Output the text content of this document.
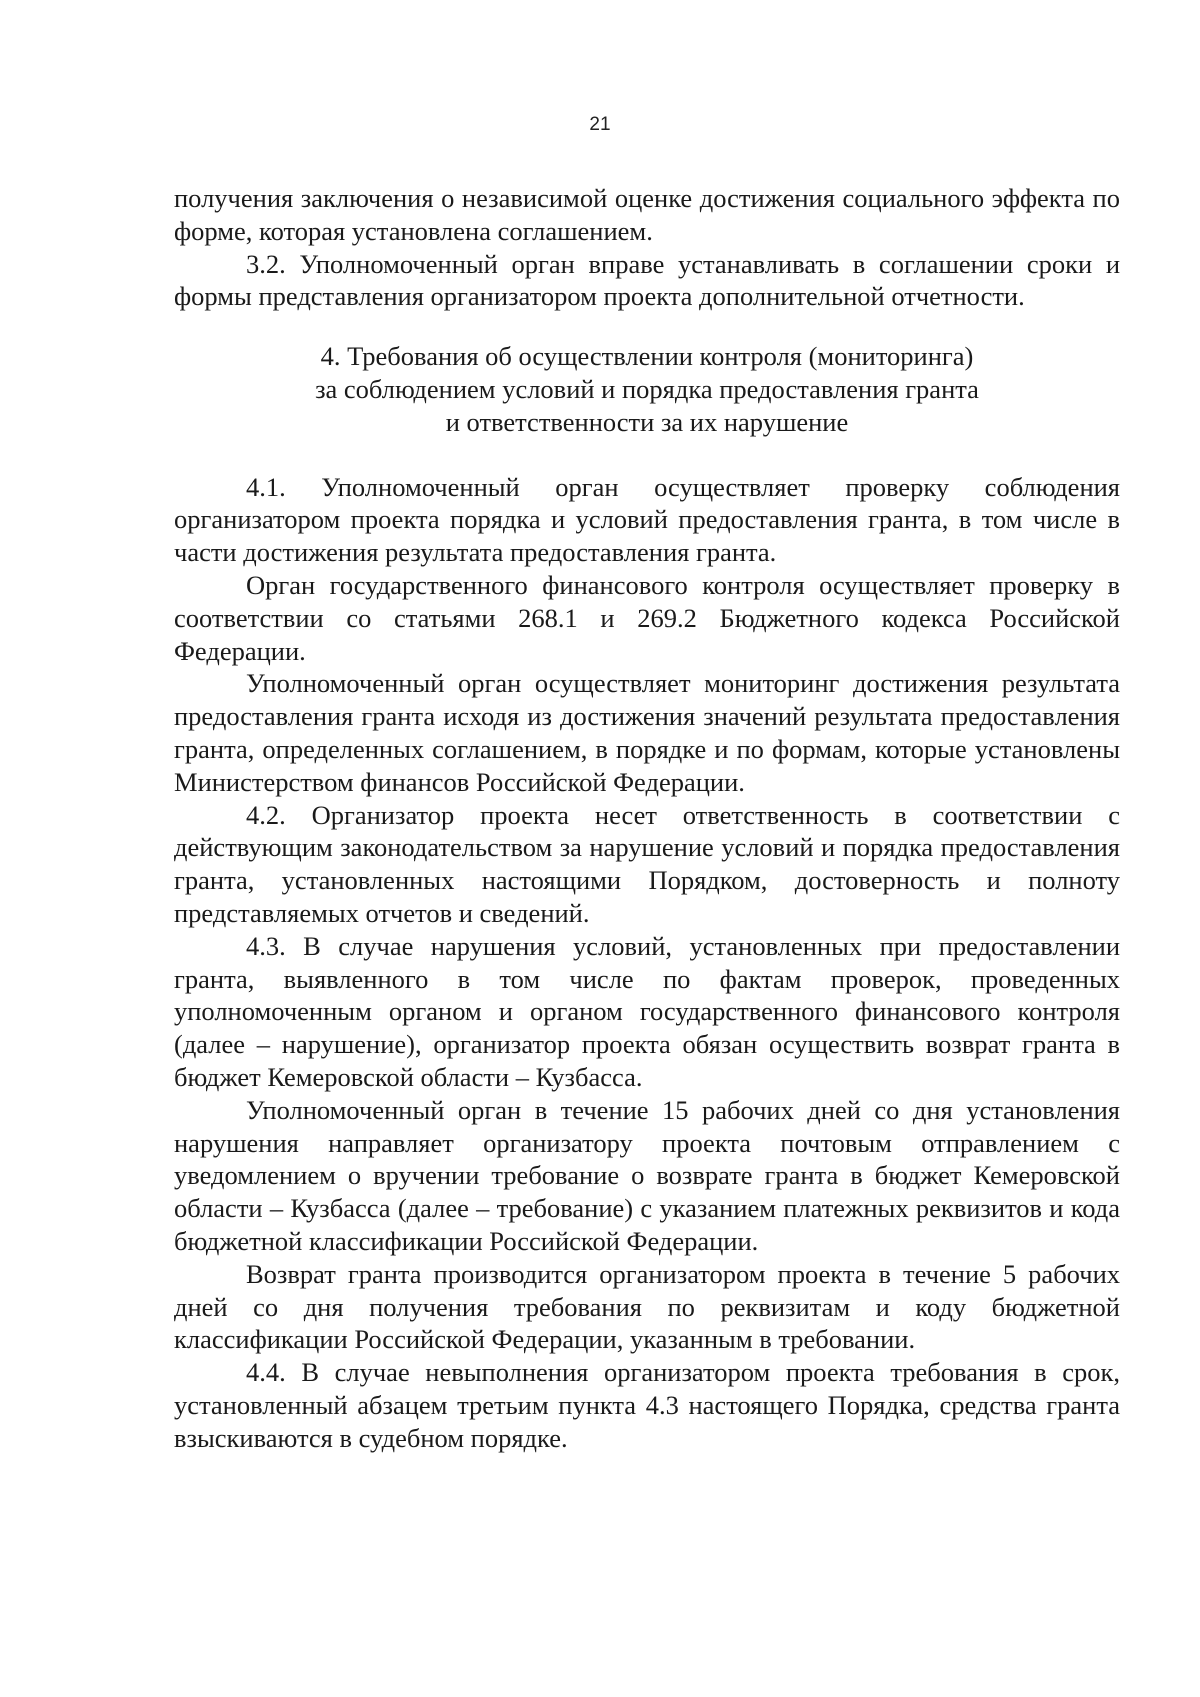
21

получения заключения о независимой оценке достижения социального эффекта по форме, которая установлена соглашением.

3.2. Уполномоченный орган вправе устанавливать в соглашении сроки и формы представления организатором проекта дополнительной отчетности.

4. Требования об осуществлении контроля (мониторинга)
за соблюдением условий и порядка предоставления гранта
и ответственности за их нарушение

4.1. Уполномоченный орган осуществляет проверку соблюдения организатором проекта порядка и условий предоставления гранта, в том числе в части достижения результата предоставления гранта.

Орган государственного финансового контроля осуществляет проверку в соответствии со статьями 268.1 и 269.2 Бюджетного кодекса Российской Федерации.

Уполномоченный орган осуществляет мониторинг достижения результата предоставления гранта исходя из достижения значений результата предоставления гранта, определенных соглашением, в порядке и по формам, которые установлены Министерством финансов Российской Федерации.

4.2. Организатор проекта несет ответственность в соответствии с действующим законодательством за нарушение условий и порядка предоставления гранта, установленных настоящими Порядком, достоверность и полноту представляемых отчетов и сведений.

4.3. В случае нарушения условий, установленных при предоставлении гранта, выявленного в том числе по фактам проверок, проведенных уполномоченным органом и органом государственного финансового контроля (далее – нарушение), организатор проекта обязан осуществить возврат гранта в бюджет Кемеровской области – Кузбасса.

Уполномоченный орган в течение 15 рабочих дней со дня установления нарушения направляет организатору проекта почтовым отправлением с уведомлением о вручении требование о возврате гранта в бюджет Кемеровской области – Кузбасса (далее – требование) с указанием платежных реквизитов и кода бюджетной классификации Российской Федерации.

Возврат гранта производится организатором проекта в течение 5 рабочих дней со дня получения требования по реквизитам и коду бюджетной классификации Российской Федерации, указанным в требовании.

4.4. В случае невыполнения организатором проекта требования в срок, установленный абзацем третьим пункта 4.3 настоящего Порядка, средства гранта взыскиваются в судебном порядке.
